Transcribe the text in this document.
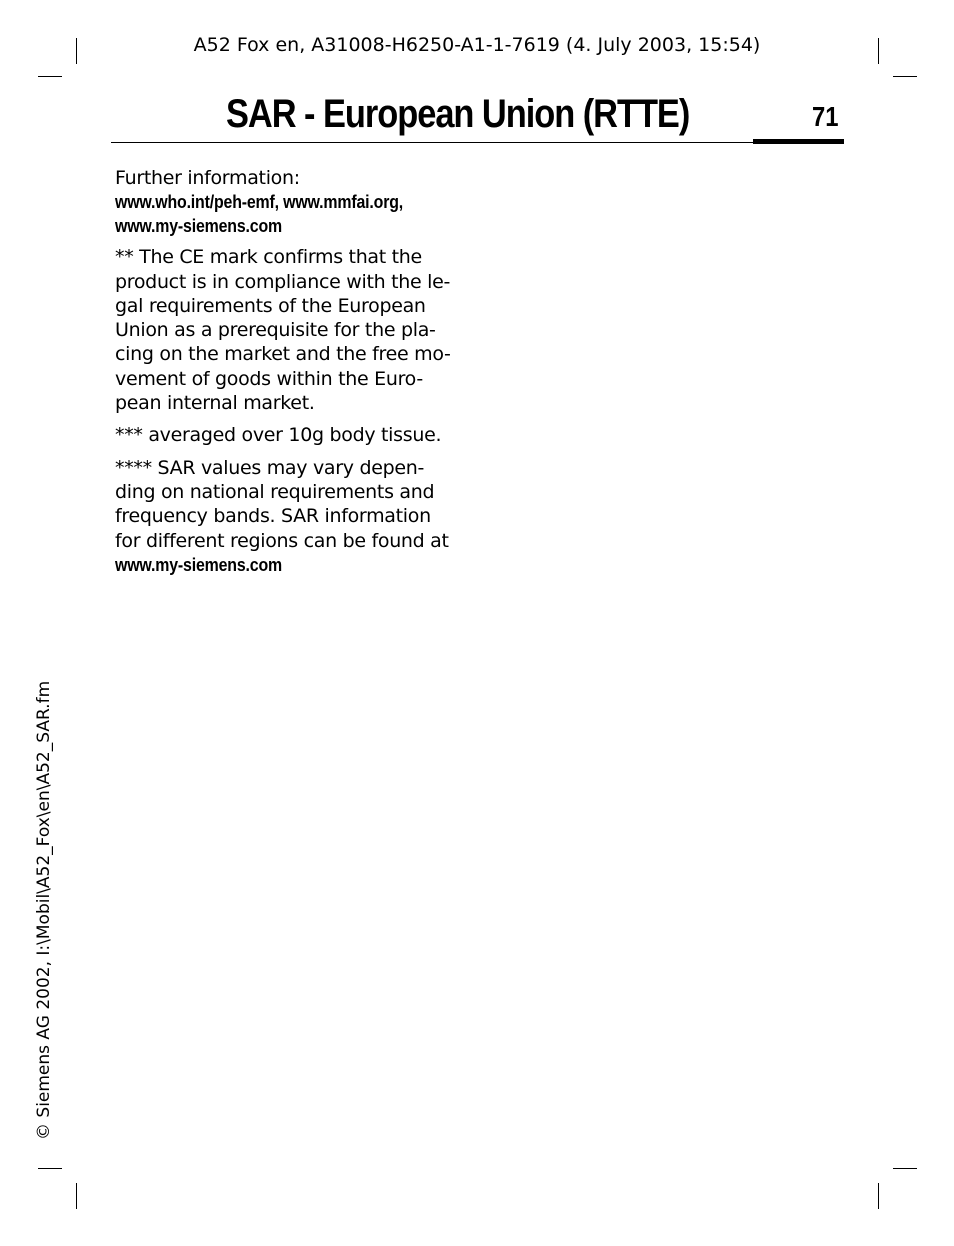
A52 Fox en, A31008-H6250-A1-1-7619 (4. July 2003, 15:54)
SAR - European Union (RTTE)	71

Further information:
www.who.int/peh-emf, www.mmfai.org,
www.my-siemens.com

** The CE mark confirms that the
product is in compliance with the le-
gal requirements of the European
Union as a prerequisite for the pla-
cing on the market and the free mo-
vement of goods within the Euro-
pean internal market.

*** averaged over 10g body tissue.

**** SAR values may vary depen-
ding on national requirements and
frequency bands. SAR information
for different regions can be found at
www.my-siemens.com

© Siemens AG 2002, I:\Mobil\A52_Fox\en\A52_SAR.fm
